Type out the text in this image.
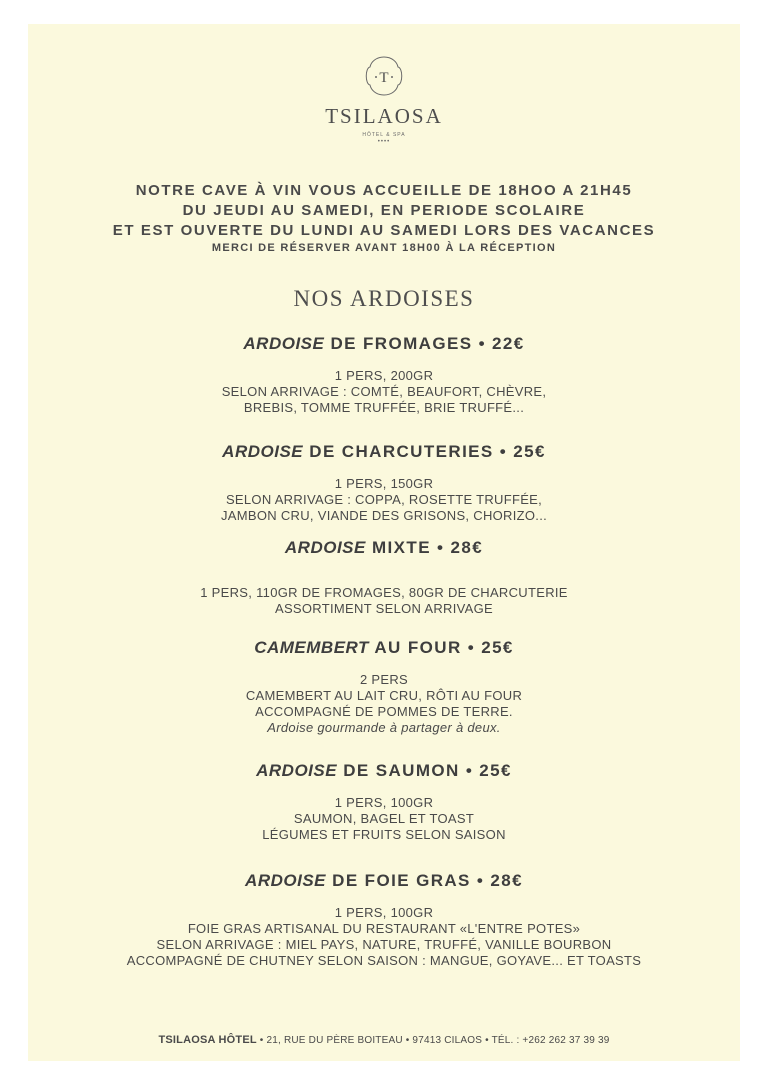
T
TSILAOSA
HÔTEL & SPA
••••
NOTRE CAVE À VIN VOUS ACCUEILLE DE 18HOO A 21H45
DU JEUDI AU SAMEDI, EN PERIODE SCOLAIRE
ET EST OUVERTE DU LUNDI AU SAMEDI LORS DES VACANCES
MERCI DE RÉSERVER AVANT 18H00 À LA RÉCEPTION
NOS ARDOISES
ARDOISE DE FROMAGES • 22€
1 PERS, 200GR
SELON ARRIVAGE : COMTÉ, BEAUFORT, CHÈVRE,
BREBIS, TOMME TRUFFÉE, BRIE TRUFFÉ...
ARDOISE DE CHARCUTERIES • 25€
1 PERS, 150GR
SELON ARRIVAGE : COPPA, ROSETTE TRUFFÉE,
JAMBON CRU, VIANDE DES GRISONS, CHORIZO...
ARDOISE MIXTE • 28€
1 PERS, 110GR DE FROMAGES, 80GR DE CHARCUTERIE
ASSORTIMENT SELON ARRIVAGE
CAMEMBERT AU FOUR • 25€
2 PERS
CAMEMBERT AU LAIT CRU, RÔTI AU FOUR
ACCOMPAGNÉ DE POMMES DE TERRE.
Ardoise gourmande à partager à deux.
ARDOISE DE SAUMON • 25€
1 PERS, 100GR
SAUMON, BAGEL ET TOAST
LÉGUMES ET FRUITS SELON SAISON
ARDOISE DE FOIE GRAS • 28€
1 PERS, 100GR
FOIE GRAS ARTISANAL DU RESTAURANT «L'ENTRE POTES»
SELON ARRIVAGE : MIEL PAYS, NATURE, TRUFFÉ, VANILLE BOURBON
ACCOMPAGNÉ DE CHUTNEY SELON SAISON : MANGUE, GOYAVE... ET TOASTS
TSILAOSA HÔTEL • 21, RUE DU PÈRE BOITEAU • 97413 CILAOS • TÉL. : +262 262 37 39 39
